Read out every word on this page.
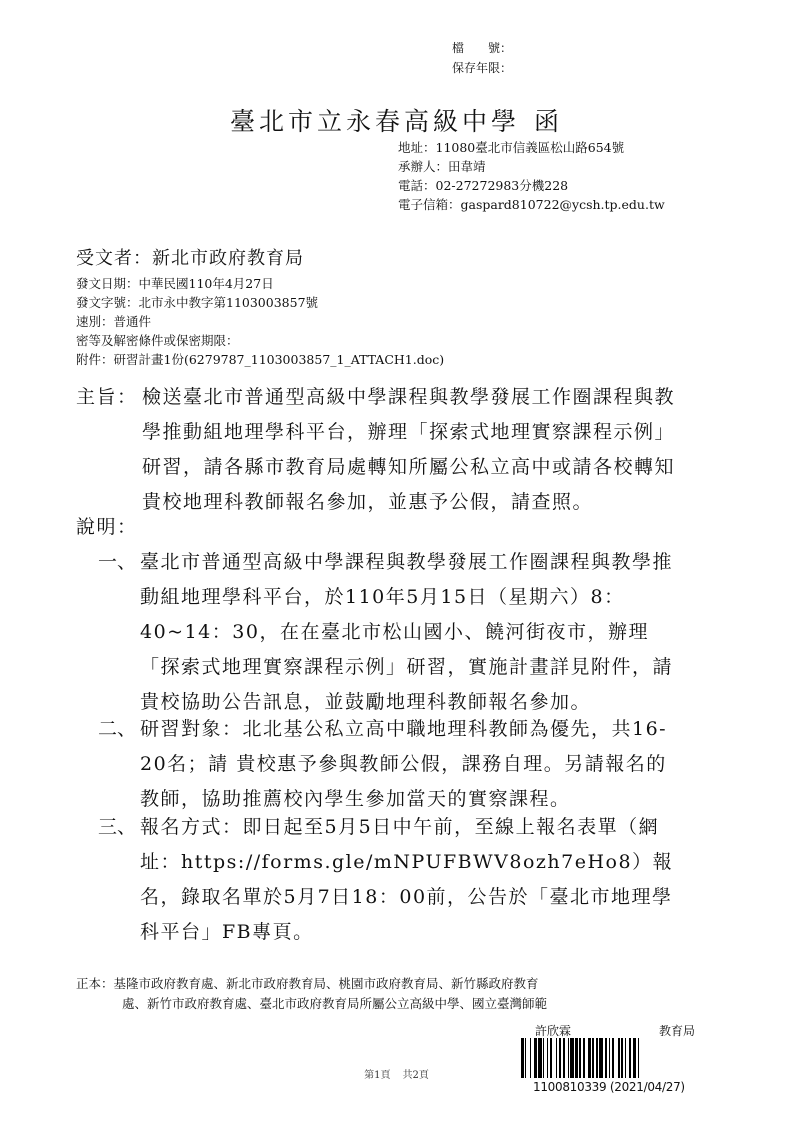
檔　　號：
保存年限：
臺北市立永春高級中學 函
地址：11080臺北市信義區松山路654號
承辦人：田韋靖
電話：02-27272983分機228
電子信箱：gaspard810722@ycsh.tp.edu.tw
受文者：新北市政府教育局
發文日期：中華民國110年4月27日
發文字號：北市永中教字第1103003857號
速別：普通件
密等及解密條件或保密期限：
附件：研習計畫1份(6279787_1103003857_1_ATTACH1.doc)
主旨： 檢送臺北市普通型高級中學課程與教學發展工作圈課程與教學推動組地理學科平台，辦理「探索式地理實察課程示例」研習，請各縣市教育局處轉知所屬公私立高中或請各校轉知貴校地理科教師報名參加，並惠予公假，請查照。
說明：
一、 臺北市普通型高級中學課程與教學發展工作圈課程與教學推動組地理學科平台，於110年5月15日（星期六）8：40~14：30，在在臺北市松山國小、饒河街夜市，辦理「探索式地理實察課程示例」研習，實施計畫詳見附件，請 貴校協助公告訊息，並鼓勵地理科教師報名參加。
二、 研習對象：北北基公私立高中職地理科教師為優先，共16-20名；請 貴校惠予參與教師公假，課務自理。另請報名的教師，協助推薦校內學生參加當天的實察課程。
三、 報名方式：即日起至5月5日中午前，至線上報名表單（網址：https://forms.gle/mNPUFBWV8ozh7eHo8）報名，錄取名單於5月7日18：00前，公告於「臺北市地理學科平台」FB專頁。
正本：基隆市政府教育處、新北市政府教育局、桃園市政府教育局、新竹縣政府教育
處、新竹市政府教育處、臺北市政府教育局所屬公立高級中學、國立臺灣師範
第1頁 共2頁
許欣霖	教育局
1100810339 (2021/04/27)
